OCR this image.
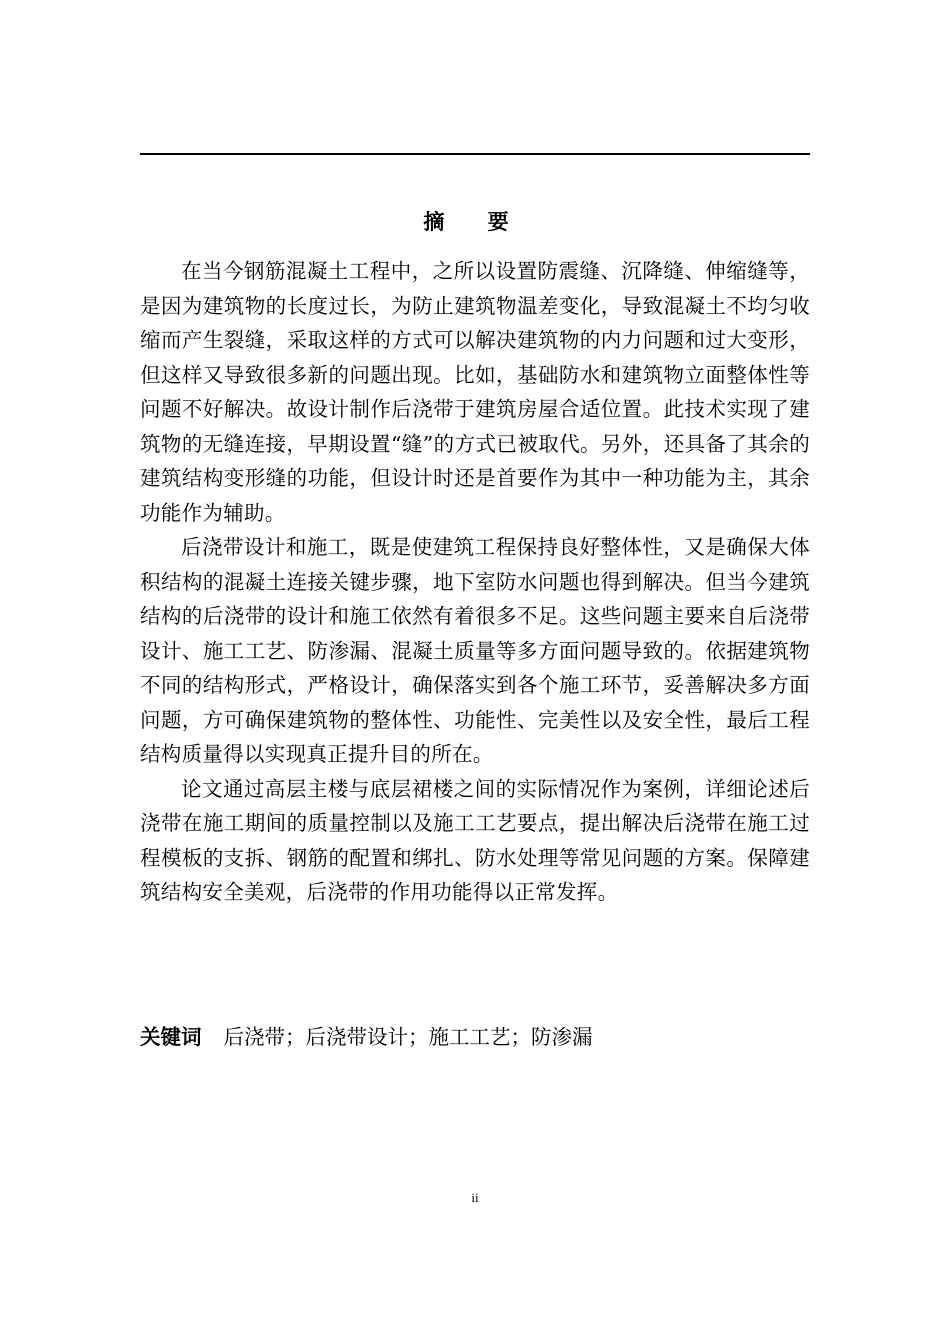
摘 要

在当今钢筋混凝土工程中，之所以设置防震缝、沉降缝、伸缩缝等，是因为建筑物的长度过长，为防止建筑物温差变化，导致混凝土不均匀收缩而产生裂缝，采取这样的方式可以解决建筑物的内力问题和过大变形，但这样又导致很多新的问题出现。比如，基础防水和建筑物立面整体性等问题不好解决。故设计制作后浇带于建筑房屋合适位置。此技术实现了建筑物的无缝连接，早期设置“缝”的方式已被取代。另外，还具备了其余的建筑结构变形缝的功能，但设计时还是首要作为其中一种功能为主，其余功能作为辅助。

后浇带设计和施工，既是使建筑工程保持良好整体性，又是确保大体积结构的混凝土连接关键步骤，地下室防水问题也得到解决。但当今建筑结构的后浇带的设计和施工依然有着很多不足。这些问题主要来自后浇带设计、施工工艺、防渗漏、混凝土质量等多方面问题导致的。依据建筑物不同的结构形式，严格设计，确保落实到各个施工环节，妥善解决多方面问题，方可确保建筑物的整体性、功能性、完美性以及安全性，最后工程结构质量得以实现真正提升目的所在。

论文通过高层主楼与底层裙楼之间的实际情况作为案例，详细论述后浇带在施工期间的质量控制以及施工工艺要点，提出解决后浇带在施工过程模板的支拆、钢筋的配置和绑扎、防水处理等常见问题的方案。保障建筑结构安全美观，后浇带的作用功能得以正常发挥。

关键词 后浇带；后浇带设计；施工工艺；防渗漏
ii
